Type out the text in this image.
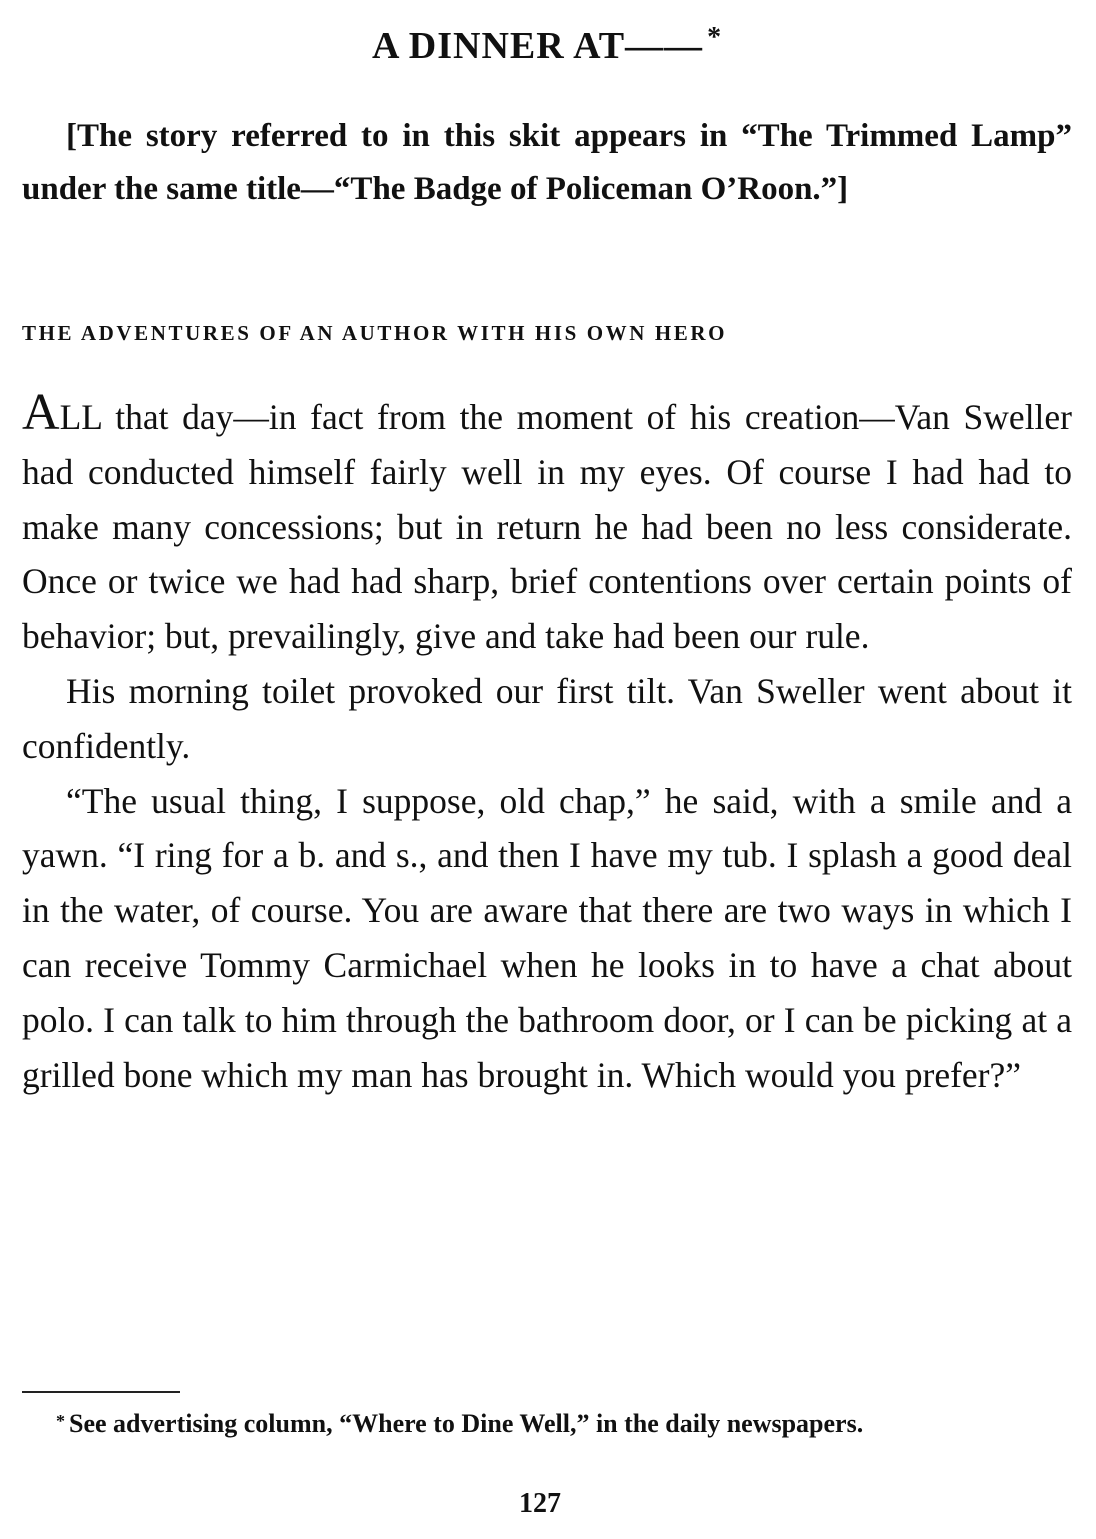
A DINNER AT—— *

[The story referred to in this skit appears in “The Trimmed Lamp” under the same title—“The Badge of Policeman O’Roon.”]

THE ADVENTURES OF AN AUTHOR WITH HIS OWN HERO

ALL that day—in fact from the moment of his creation—Van Sweller had conducted himself fairly well in my eyes. Of course I had had to make many concessions; but in return he had been no less considerate. Once or twice we had had sharp, brief contentions over certain points of behavior; but, prevailingly, give and take had been our rule.

His morning toilet provoked our first tilt. Van Sweller went about it confidently.

“The usual thing, I suppose, old chap,” he said, with a smile and a yawn. “I ring for a b. and s., and then I have my tub. I splash a good deal in the water, of course. You are aware that there are two ways in which I can receive Tommy Carmichael when he looks in to have a chat about polo. I can talk to him through the bathroom door, or I can be picking at a grilled bone which my man has brought in. Which would you prefer?”

* See advertising column, “Where to Dine Well,” in the daily newspapers.

127
